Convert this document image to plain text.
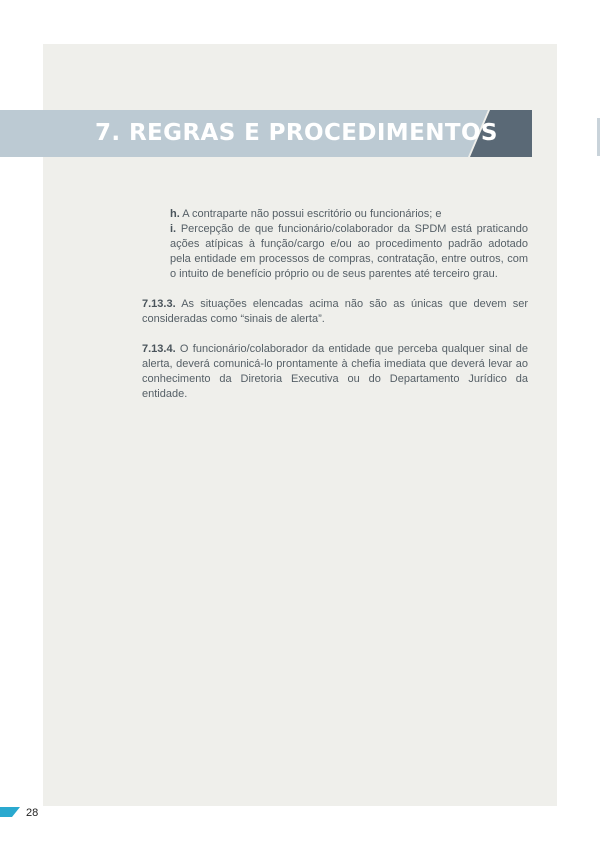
7. REGRAS E PROCEDIMENTOS

h. A contraparte não possui escritório ou funcionários; e

i. Percepção de que funcionário/colaborador da SPDM está praticando ações atípicas à função/cargo e/ou ao procedimento padrão adotado pela entidade em processos de compras, contratação, entre outros, com o intuito de benefício próprio ou de seus parentes até terceiro grau.

7.13.3. As situações elencadas acima não são as únicas que devem ser consideradas como “sinais de alerta”.

7.13.4. O funcionário/colaborador da entidade que perceba qualquer sinal de alerta, deverá comunicá-lo prontamente à chefia imediata que deverá levar ao conhecimento da Diretoria Executiva ou do Departamento Jurídico da entidade.

28
